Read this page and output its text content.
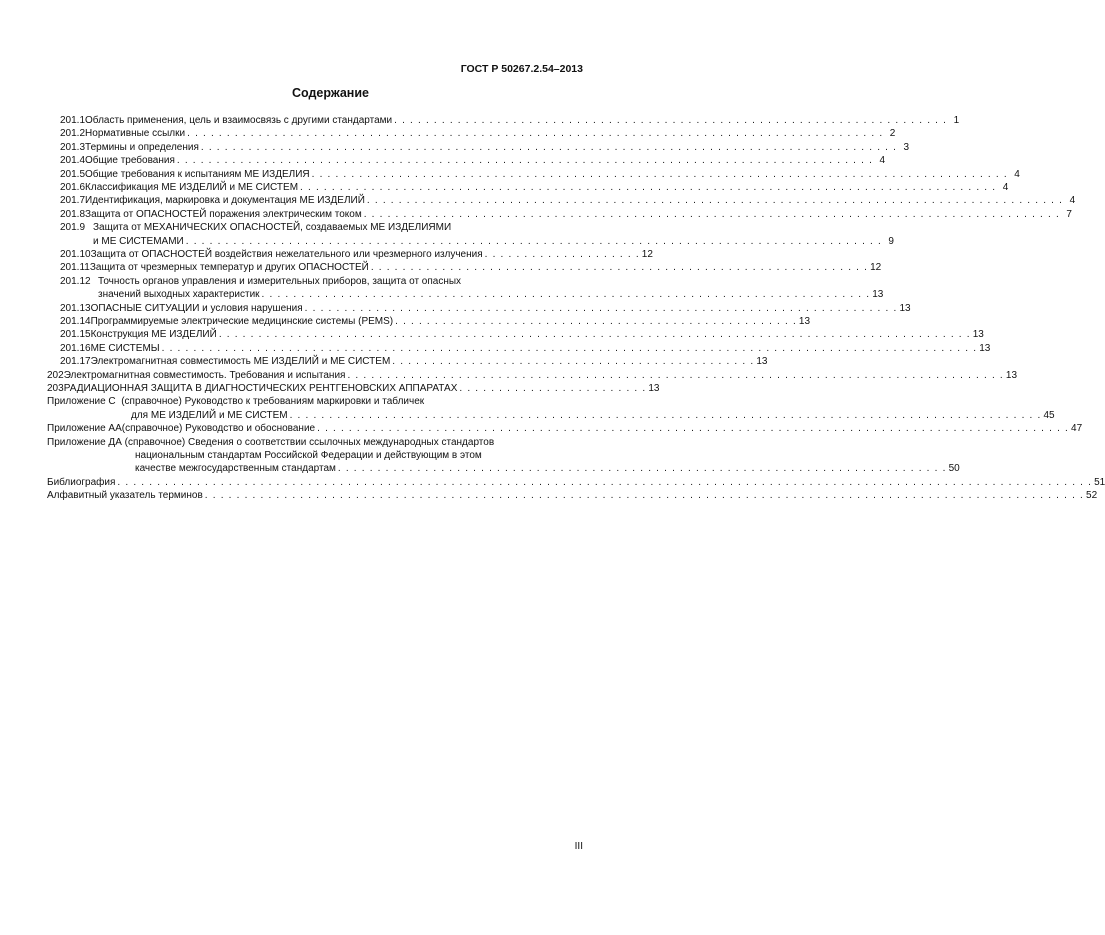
ГОСТ Р 50267.2.54–2013
Содержание
201.1 Область применения, цель и взаимосвязь с другими стандартами . . . . . . . . . . . . . . . . . . . . . . . . . . . . . . . . . . . . . . . . . . . . . . . . . . . . . . . . . . . . . . . . . . . . . . 1
201.2 Нормативные ссылки . . . . . . . . . . . . . . . . . . . . . . . . . . . . . . . . . . . . . . . . . . . . . . . . . . . . . . . . . . . . . . . . . . . . . . . . . . . . . . . . . . . . . . . . 2
201.3 Термины и определения . . . . . . . . . . . . . . . . . . . . . . . . . . . . . . . . . . . . . . . . . . . . . . . . . . . . . . . . . . . . . . . . . . . . . . . . . . . . . . . . . . . . . . . . 3
201.4 Общие требования . . . . . . . . . . . . . . . . . . . . . . . . . . . . . . . . . . . . . . . . . . . . . . . . . . . . . . . . . . . . . . . . . . . . . . . . . . . . . . . . . . . . . . . . 4
201.5 Общие требования к испытаниям МЕ ИЗДЕЛИЯ . . . . . . . . . . . . . . . . . . . . . . . . . . . . . . . . . . . . . . . . . . . . . . . . . . . . . . . . . . . . . . . . . . . . . . . . . . . . . . . . . . . . . . . . 4
201.6 Классификация МЕ ИЗДЕЛИЙ и МЕ СИСТЕМ . . . . . . . . . . . . . . . . . . . . . . . . . . . . . . . . . . . . . . . . . . . . . . . . . . . . . . . . . . . . . . . . . . . . . . . . . . . . . . . . . . . . . . . . 4
201.7 Идентификация, маркировка и документация МЕ ИЗДЕЛИЙ . . . . . . . . . . . . . . . . . . . . . . . . . . . . . . . . . . . . . . . . . . . . . . . . . . . . . . . . . . . . . . . . . . . . . . . . . . . . . . . . . . . . . . . . 4
201.8 Защита от ОПАСНОСТЕЙ поражения электрическим током . . . . . . . . . . . . . . . . . . . . . . . . . . . . . . . . . . . . . . . . . . . . . . . . . . . . . . . . . . . . . . . . . . . . . . . . . . . . . . . . . . . . . . . . 7
201.9 Защита от МЕХАНИЧЕСКИХ ОПАСНОСТЕЙ, создаваемых МЕ ИЗДЕЛИЯМИ
и МЕ СИСТЕМАМИ . . . . . . . . . . . . . . . . . . . . . . . . . . . . . . . . . . . . . . . . . . . . . . . . . . . . . . . . . . . . . . . . . . . . . . . . . . . . . . . . . . . . . . . . 9
201.10 Защита от ОПАСНОСТЕЙ воздействия нежелательного или чрезмерного излучения . . . . . . . . . . . . . . . . . . . . 12
201.11 Защита от чрезмерных температур и других ОПАСНОСТЕЙ . . . . . . . . . . . . . . . . . . . . . . . . . . . . . . . . . . . . . . . . . . . . . . . . . . . . . . . . . . . . . . . 12
201.12 Точность органов управления и измерительных приборов, защита от опасных
значений выходных характеристик . . . . . . . . . . . . . . . . . . . . . . . . . . . . . . . . . . . . . . . . . . . . . . . . . . . . . . . . . . . . . . . . . . . . . . . . . . . . . 13
201.13 ОПАСНЫЕ СИТУАЦИИ и условия нарушения . . . . . . . . . . . . . . . . . . . . . . . . . . . . . . . . . . . . . . . . . . . . . . . . . . . . . . . . . . . . . . . . . . . . . . . . . . . 13
201.14 Программируемые электрические медицинские системы (PEMS) . . . . . . . . . . . . . . . . . . . . . . . . . . . . . . . . . . . . . . . . . . . . . . . . . . . 13
201.15 Конструкция МЕ ИЗДЕЛИЙ . . . . . . . . . . . . . . . . . . . . . . . . . . . . . . . . . . . . . . . . . . . . . . . . . . . . . . . . . . . . . . . . . . . . . . . . . . . . . . . . . . . . . . . . . . . . . . . 13
201.16 МЕ СИСТЕМЫ . . . . . . . . . . . . . . . . . . . . . . . . . . . . . . . . . . . . . . . . . . . . . . . . . . . . . . . . . . . . . . . . . . . . . . . . . . . . . . . . . . . . . . . . . . . . . . . . . . . . . . . 13
201.17 Электромагнитная совместимость МЕ ИЗДЕЛИЙ и МЕ СИСТЕМ . . . . . . . . . . . . . . . . . . . . . . . . . . . . . . . . . . . . . . . . . . . . . . 13
202 Электромагнитная совместимость. Требования и испытания . . . . . . . . . . . . . . . . . . . . . . . . . . . . . . . . . . . . . . . . . . . . . . . . . . . . . . . . . . . . . . . . . . . . . . . . . . . . . . . . . . . 13
203 РАДИАЦИОННАЯ ЗАЩИТА В ДИАГНОСТИЧЕСКИХ РЕНТГЕНОВСКИХ АППАРАТАХ . . . . . . . . . . . . . . . . . . . . . . . . 13
Приложение С (справочное) Руководство к требованиям маркировки и табличек
для МЕ ИЗДЕЛИЙ и МЕ СИСТЕМ . . . . . . . . . . . . . . . . . . . . . . . . . . . . . . . . . . . . . . . . . . . . . . . . . . . . . . . . . . . . . . . . . . . . . . . . . . . . . . . . . . . . . . . . . . . . . . . 45
Приложение АА (справочное) Руководство и обоснование . . . . . . . . . . . . . . . . . . . . . . . . . . . . . . . . . . . . . . . . . . . . . . . . . . . . . . . . . . . . . . . . . . . . . . . . . . . . . . . . . . . . . . . . . . . . . . . 47
Приложение ДА (справочное) Сведения о соответствии ссылочных международных стандартов
национальным стандартам Российской Федерации и действующим в этом
качестве межгосударственным стандартам . . . . . . . . . . . . . . . . . . . . . . . . . . . . . . . . . . . . . . . . . . . . . . . . . . . . . . . . . . . . . . . . . . . . . . . . . . . . . 50
Библиография . . . . . . . . . . . . . . . . . . . . . . . . . . . . . . . . . . . . . . . . . . . . . . . . . . . . . . . . . . . . . . . . . . . . . . . . . . . . . . . . . . . . . . . . . . . . . . . . . . . . . . . . . . . . . . . . . . . . . . . . . . . 51
Алфавитный указатель терминов . . . . . . . . . . . . . . . . . . . . . . . . . . . . . . . . . . . . . . . . . . . . . . . . . . . . . . . . . . . . . . . . . . . . . . . . . . . . . . . . . . . . . . . . . . . . . . . . . . . . . . . . . . . . . . . 52
III
